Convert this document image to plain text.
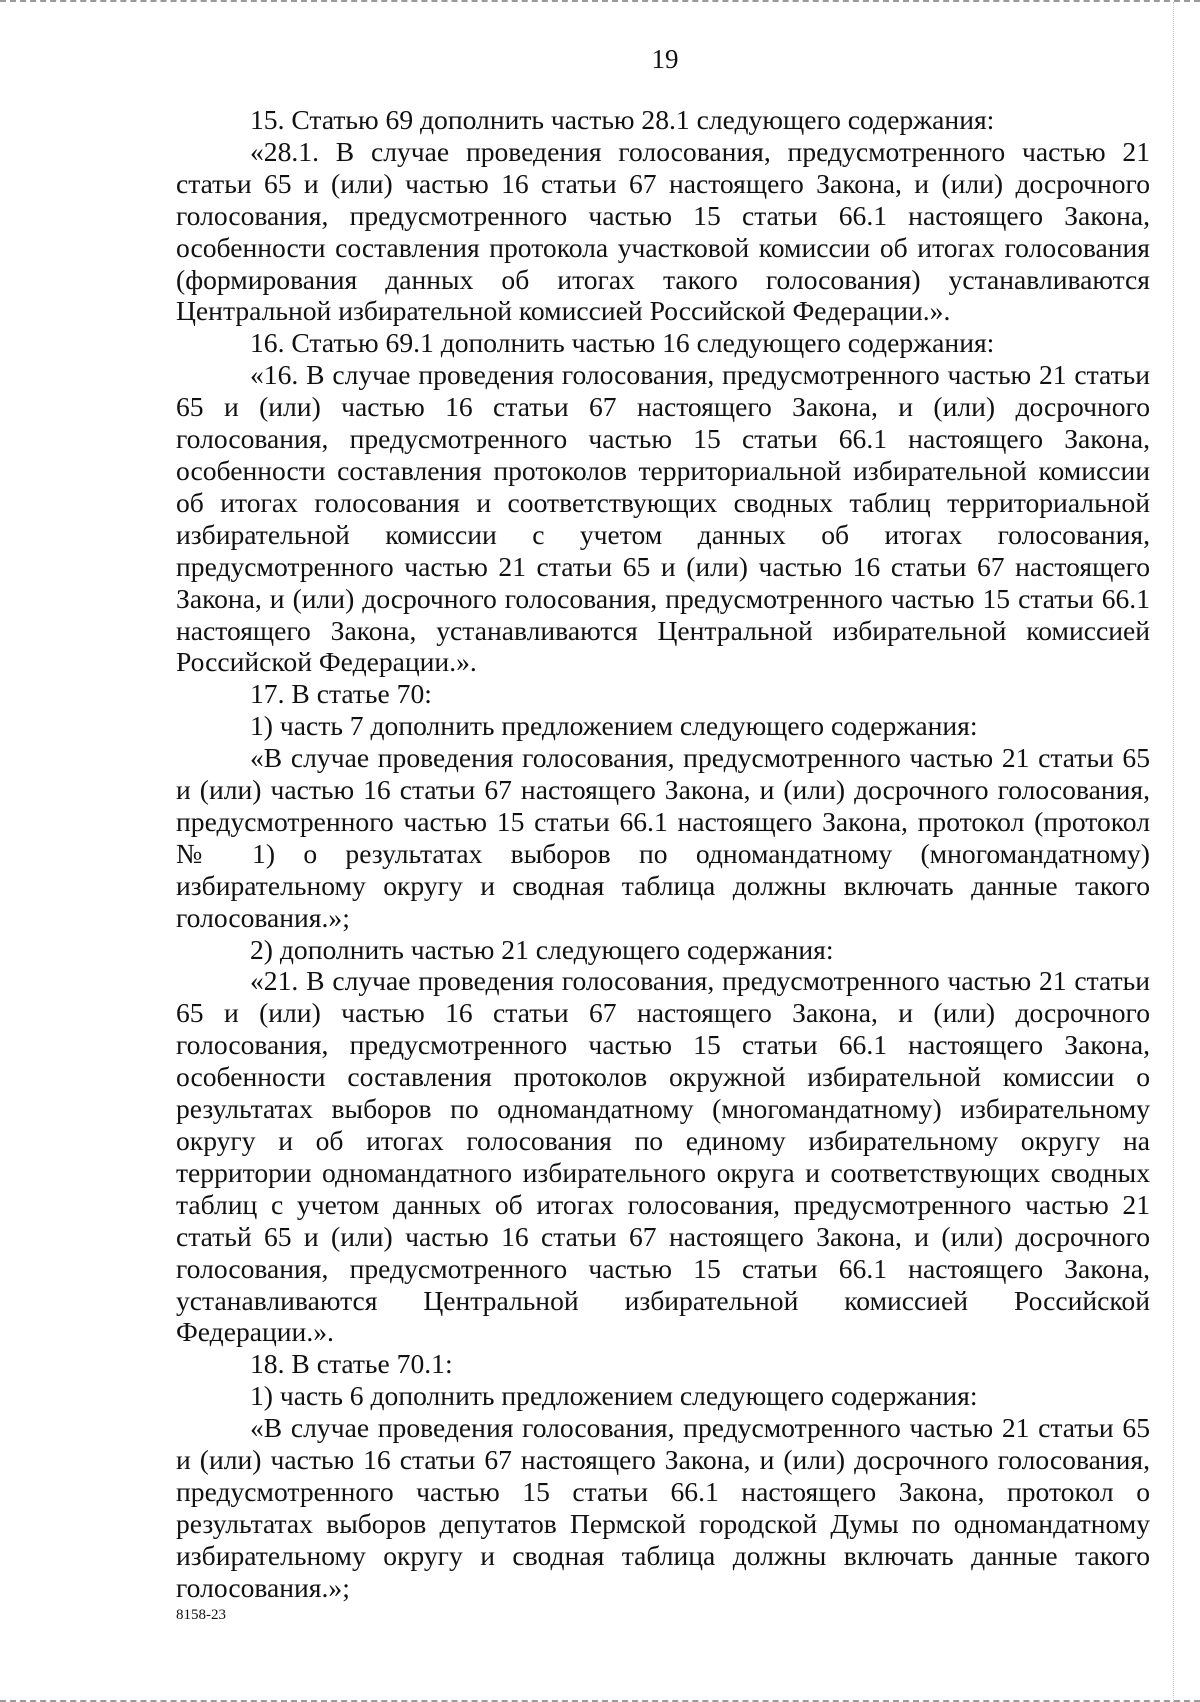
19

15. Статью 69 дополнить частью 28.1 следующего содержания:

«28.1. В случае проведения голосования, предусмотренного частью 21 статьи 65 и (или) частью 16 статьи 67 настоящего Закона, и (или) досрочного голосования, предусмотренного частью 15 статьи 66.1 настоящего Закона, особенности составления протокола участковой комиссии об итогах голосования (формирования данных об итогах такого голосования) устанавливаются Центральной избирательной комиссией Российской Федерации.».

16. Статью 69.1 дополнить частью 16 следующего содержания:

«16. В случае проведения голосования, предусмотренного частью 21 статьи 65 и (или) частью 16 статьи 67 настоящего Закона, и (или) досрочного голосования, предусмотренного частью 15 статьи 66.1 настоящего Закона, особенности составления протоколов территориальной избирательной комиссии об итогах голосования и соответствующих сводных таблиц территориальной избирательной комиссии с учетом данных об итогах голосования, предусмотренного частью 21 статьи 65 и (или) частью 16 статьи 67 настоящего Закона, и (или) досрочного голосования, предусмотренного частью 15 статьи 66.1 настоящего Закона, устанавливаются Центральной избирательной комиссией Российской Федерации.».

17. В статье 70:

1) часть 7 дополнить предложением следующего содержания:

«В случае проведения голосования, предусмотренного частью 21 статьи 65 и (или) частью 16 статьи 67 настоящего Закона, и (или) досрочного голосования, предусмотренного частью 15 статьи 66.1 настоящего Закона, протокол (протокол № 1) о результатах выборов по одномандатному (многомандатному) избирательному округу и сводная таблица должны включать данные такого голосования.»;

2) дополнить частью 21 следующего содержания:

«21. В случае проведения голосования, предусмотренного частью 21 статьи 65 и (или) частью 16 статьи 67 настоящего Закона, и (или) досрочного голосования, предусмотренного частью 15 статьи 66.1 настоящего Закона, особенности составления протоколов окружной избирательной комиссии о результатах выборов по одномандатному (многомандатному) избирательному округу и об итогах голосования по единому избирательному округу на территории одномандатного избирательного округа и соответствующих сводных таблиц с учетом данных об итогах голосования, предусмотренного частью 21 статьй 65 и (или) частью 16 статьи 67 настоящего Закона, и (или) досрочного голосования, предусмотренного частью 15 статьи 66.1 настоящего Закона, устанавливаются Центральной избирательной комиссией Российской Федерации.».

18. В статье 70.1:

1) часть 6 дополнить предложением следующего содержания:

«В случае проведения голосования, предусмотренного частью 21 статьи 65 и (или) частью 16 статьи 67 настоящего Закона, и (или) досрочного голосования, предусмотренного частью 15 статьи 66.1 настоящего Закона, протокол о результатах выборов депутатов Пермской городской Думы по одномандатному избирательному округу и сводная таблица должны включать данные такого голосования.»;

8158-23
